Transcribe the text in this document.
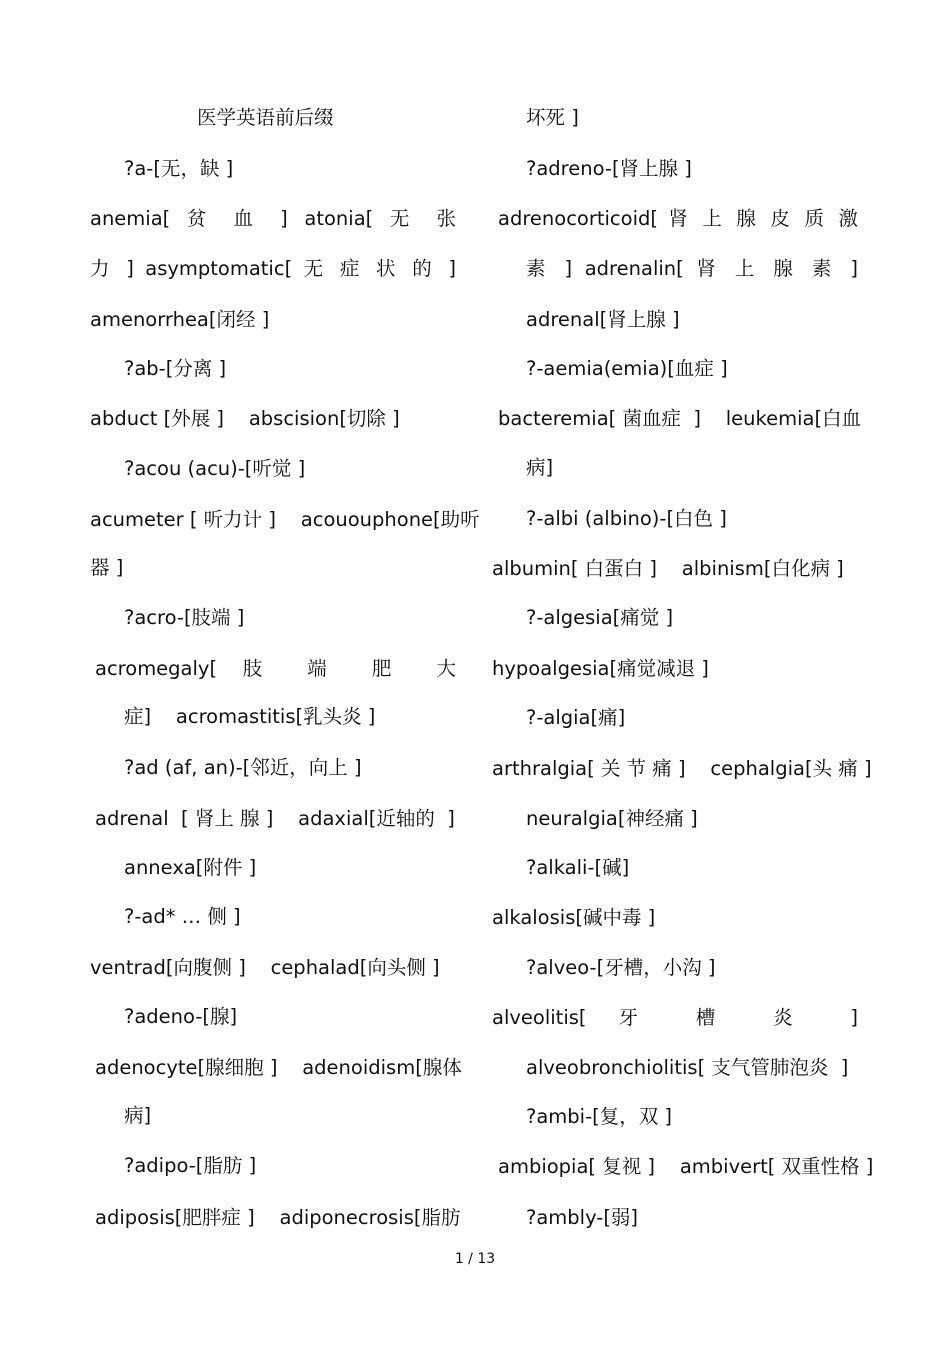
医学英语前后缀
?a-[无，缺 ]
anemia[ 贫 血 ] atonia[ 无 张
力 ] asymptomatic[ 无 症 状 的 ]
amenorrhea[闭经 ]
?ab-[分离 ]
abduct [外展 ]    abscision[切除 ]
?acou (acu)-[听觉 ]
acumeter [ 听力计 ]    acououphone[助听
器 ]
?acro-[肢端 ]
acromegaly[ 肢 端 肥 大
症]    acromastitis[乳头炎 ]
?ad (af, an)-[邻近，向上 ]
adrenal  [ 肾上 腺 ]    adaxial[近轴的  ]
annexa[附件 ]
?-ad* … 侧 ]
ventrad[向腹侧 ]    cephalad[向头侧 ]
?adeno-[腺]
adenocyte[腺细胞 ]    adenoidism[腺体
病]
?adipo-[脂肪 ]
adiposis[肥胖症 ]    adiponecrosis[脂肪
坏死 ]
?adreno-[肾上腺 ]
adrenocorticoid[ 肾 上 腺 皮 质 激
素 ] adrenalin[ 肾 上 腺 素 ]
adrenal[肾上腺 ]
?-aemia(emia)[血症 ]
bacteremia[ 菌血症  ]    leukemia[白血
病]
?-albi (albino)-[白色 ]
albumin[ 白蛋白 ]    albinism[白化病 ]
?-algesia[痛觉 ]
hypoalgesia[痛觉减退 ]
?-algia[痛]
arthralgia[ 关 节 痛 ]    cephalgia[头 痛 ]
neuralgia[神经痛 ]
?alkali-[碱]
alkalosis[碱中毒 ]
?alveo-[牙槽，小沟 ]
alveolitis[ 牙 槽 炎 ]
alveobronchiolitis[ 支气管肺泡炎  ]
?ambi-[复，双 ]
ambiopia[ 复视 ]    ambivert[ 双重性格 ]
?ambly-[弱]
1 / 13
